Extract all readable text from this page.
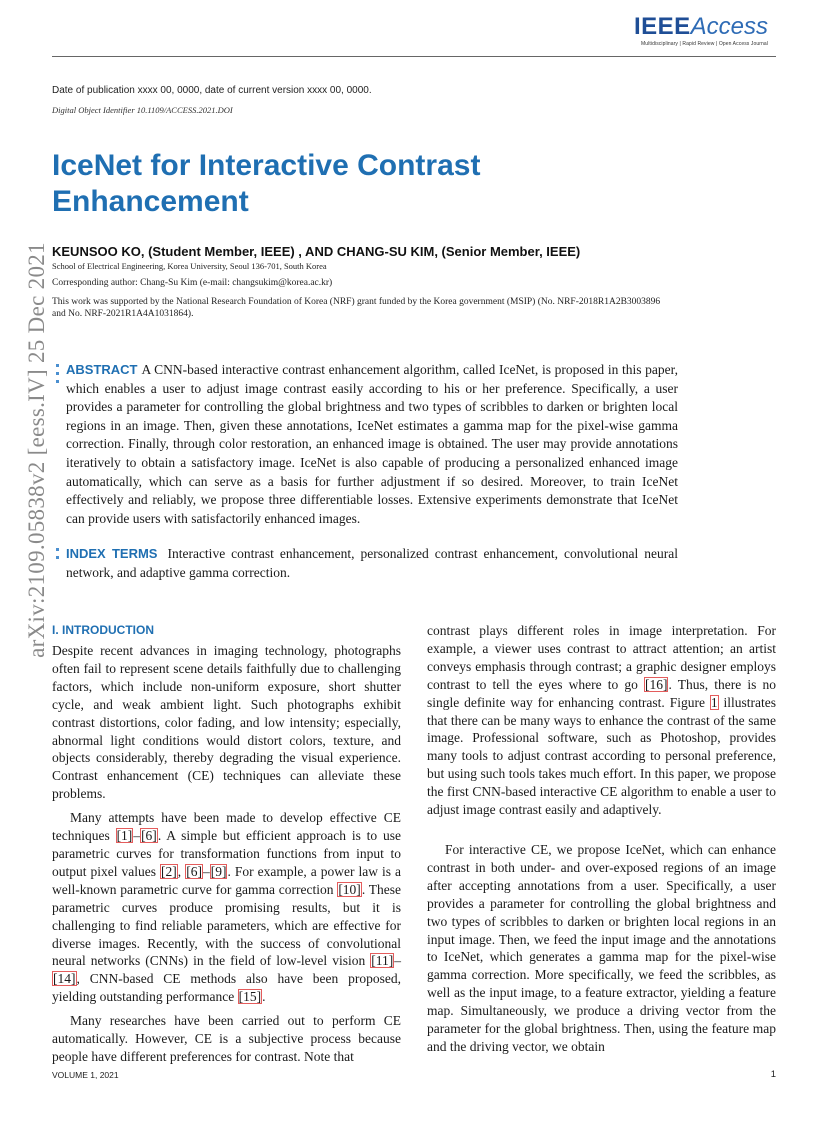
IEEEAccess
Multidisciplinary | Rapid Review | Open Access Journal
Date of publication xxxx 00, 0000, date of current version xxxx 00, 0000.
Digital Object Identifier 10.1109/ACCESS.2021.DOI
IceNet for Interactive Contrast Enhancement
KEUNSOO KO, (Student Member, IEEE) , AND CHANG-SU KIM, (Senior Member, IEEE)
School of Electrical Engineering, Korea University, Seoul 136-701, South Korea
Corresponding author: Chang-Su Kim (e-mail: changsukim@korea.ac.kr)
This work was supported by the National Research Foundation of Korea (NRF) grant funded by the Korea government (MSIP) (No. NRF-2018R1A2B3003896 and No. NRF-2021R1A4A1031864).
arXiv:2109.05838v2 [eess.IV] 25 Dec 2021 ABSTRACT A CNN-based interactive contrast enhancement algorithm, called IceNet, is proposed in this paper, which enables a user to adjust image contrast easily according to his or her preference. Specifically, a user provides a parameter for controlling the global brightness and two types of scribbles to darken or brighten local regions in an image. Then, given these annotations, IceNet estimates a gamma map for the pixel-wise gamma correction. Finally, through color restoration, an enhanced image is obtained. The user may provide annotations iteratively to obtain a satisfactory image. IceNet is also capable of producing a personalized enhanced image automatically, which can serve as a basis for further adjustment if so desired. Moreover, to train IceNet effectively and reliably, we propose three differentiable losses. Extensive experiments demonstrate that IceNet can provide users with satisfactorily enhanced images.
INDEX TERMS Interactive contrast enhancement, personalized contrast enhancement, convolutional neural network, and adaptive gamma correction.
I. INTRODUCTION

Despite recent advances in imaging technology, photographs often fail to represent scene details faithfully due to challenging factors, which include non-uniform exposure, short shutter cycle, and weak ambient light. Such photographs exhibit contrast distortions, color fading, and low intensity; especially, abnormal light conditions would distort colors, texture, and objects considerably, thereby degrading the visual experience. Contrast enhancement (CE) techniques can alleviate these problems.

Many attempts have been made to develop effective CE techniques [1]–[6]. A simple but efficient approach is to use parametric curves for transformation functions from input to output pixel values [2], [6]–[9]. For example, a power law is a well-known parametric curve for gamma correction [10]. These parametric curves produce promising results, but it is challenging to find reliable parameters, which are effective for diverse images. Recently, with the success of convolutional neural networks (CNNs) in the field of low-level vision [11]–[14], CNN-based CE methods also have been proposed, yielding outstanding performance [15].

Many researches have been carried out to perform CE automatically. However, CE is a subjective process because people have different preferences for contrast. Note that

contrast plays different roles in image interpretation. For example, a viewer uses contrast to attract attention; an artist conveys emphasis through contrast; a graphic designer employs contrast to tell the eyes where to go [16]. Thus, there is no single definite way for enhancing contrast. Figure 1 illustrates that there can be many ways to enhance the contrast of the same image. Professional software, such as Photoshop, provides many tools to adjust contrast according to personal preference, but using such tools takes much effort. In this paper, we propose the first CNN-based interactive CE algorithm to enable a user to adjust image contrast easily and adaptively.

For interactive CE, we propose IceNet, which can enhance contrast in both under- and over-exposed regions of an image after accepting annotations from a user. Specifically, a user provides a parameter for controlling the global brightness and two types of scribbles to darken or brighten local regions in an input image. Then, we feed the input image and the annotations to IceNet, which generates a gamma map for the pixel-wise gamma correction. More specifically, we feed the scribbles, as well as the input image, to a feature extractor, yielding a feature map. Simultaneously, we produce a driving vector from the parameter for the global brightness. Then, using the feature map and the driving vector, we obtain

VOLUME 1, 2021	1
